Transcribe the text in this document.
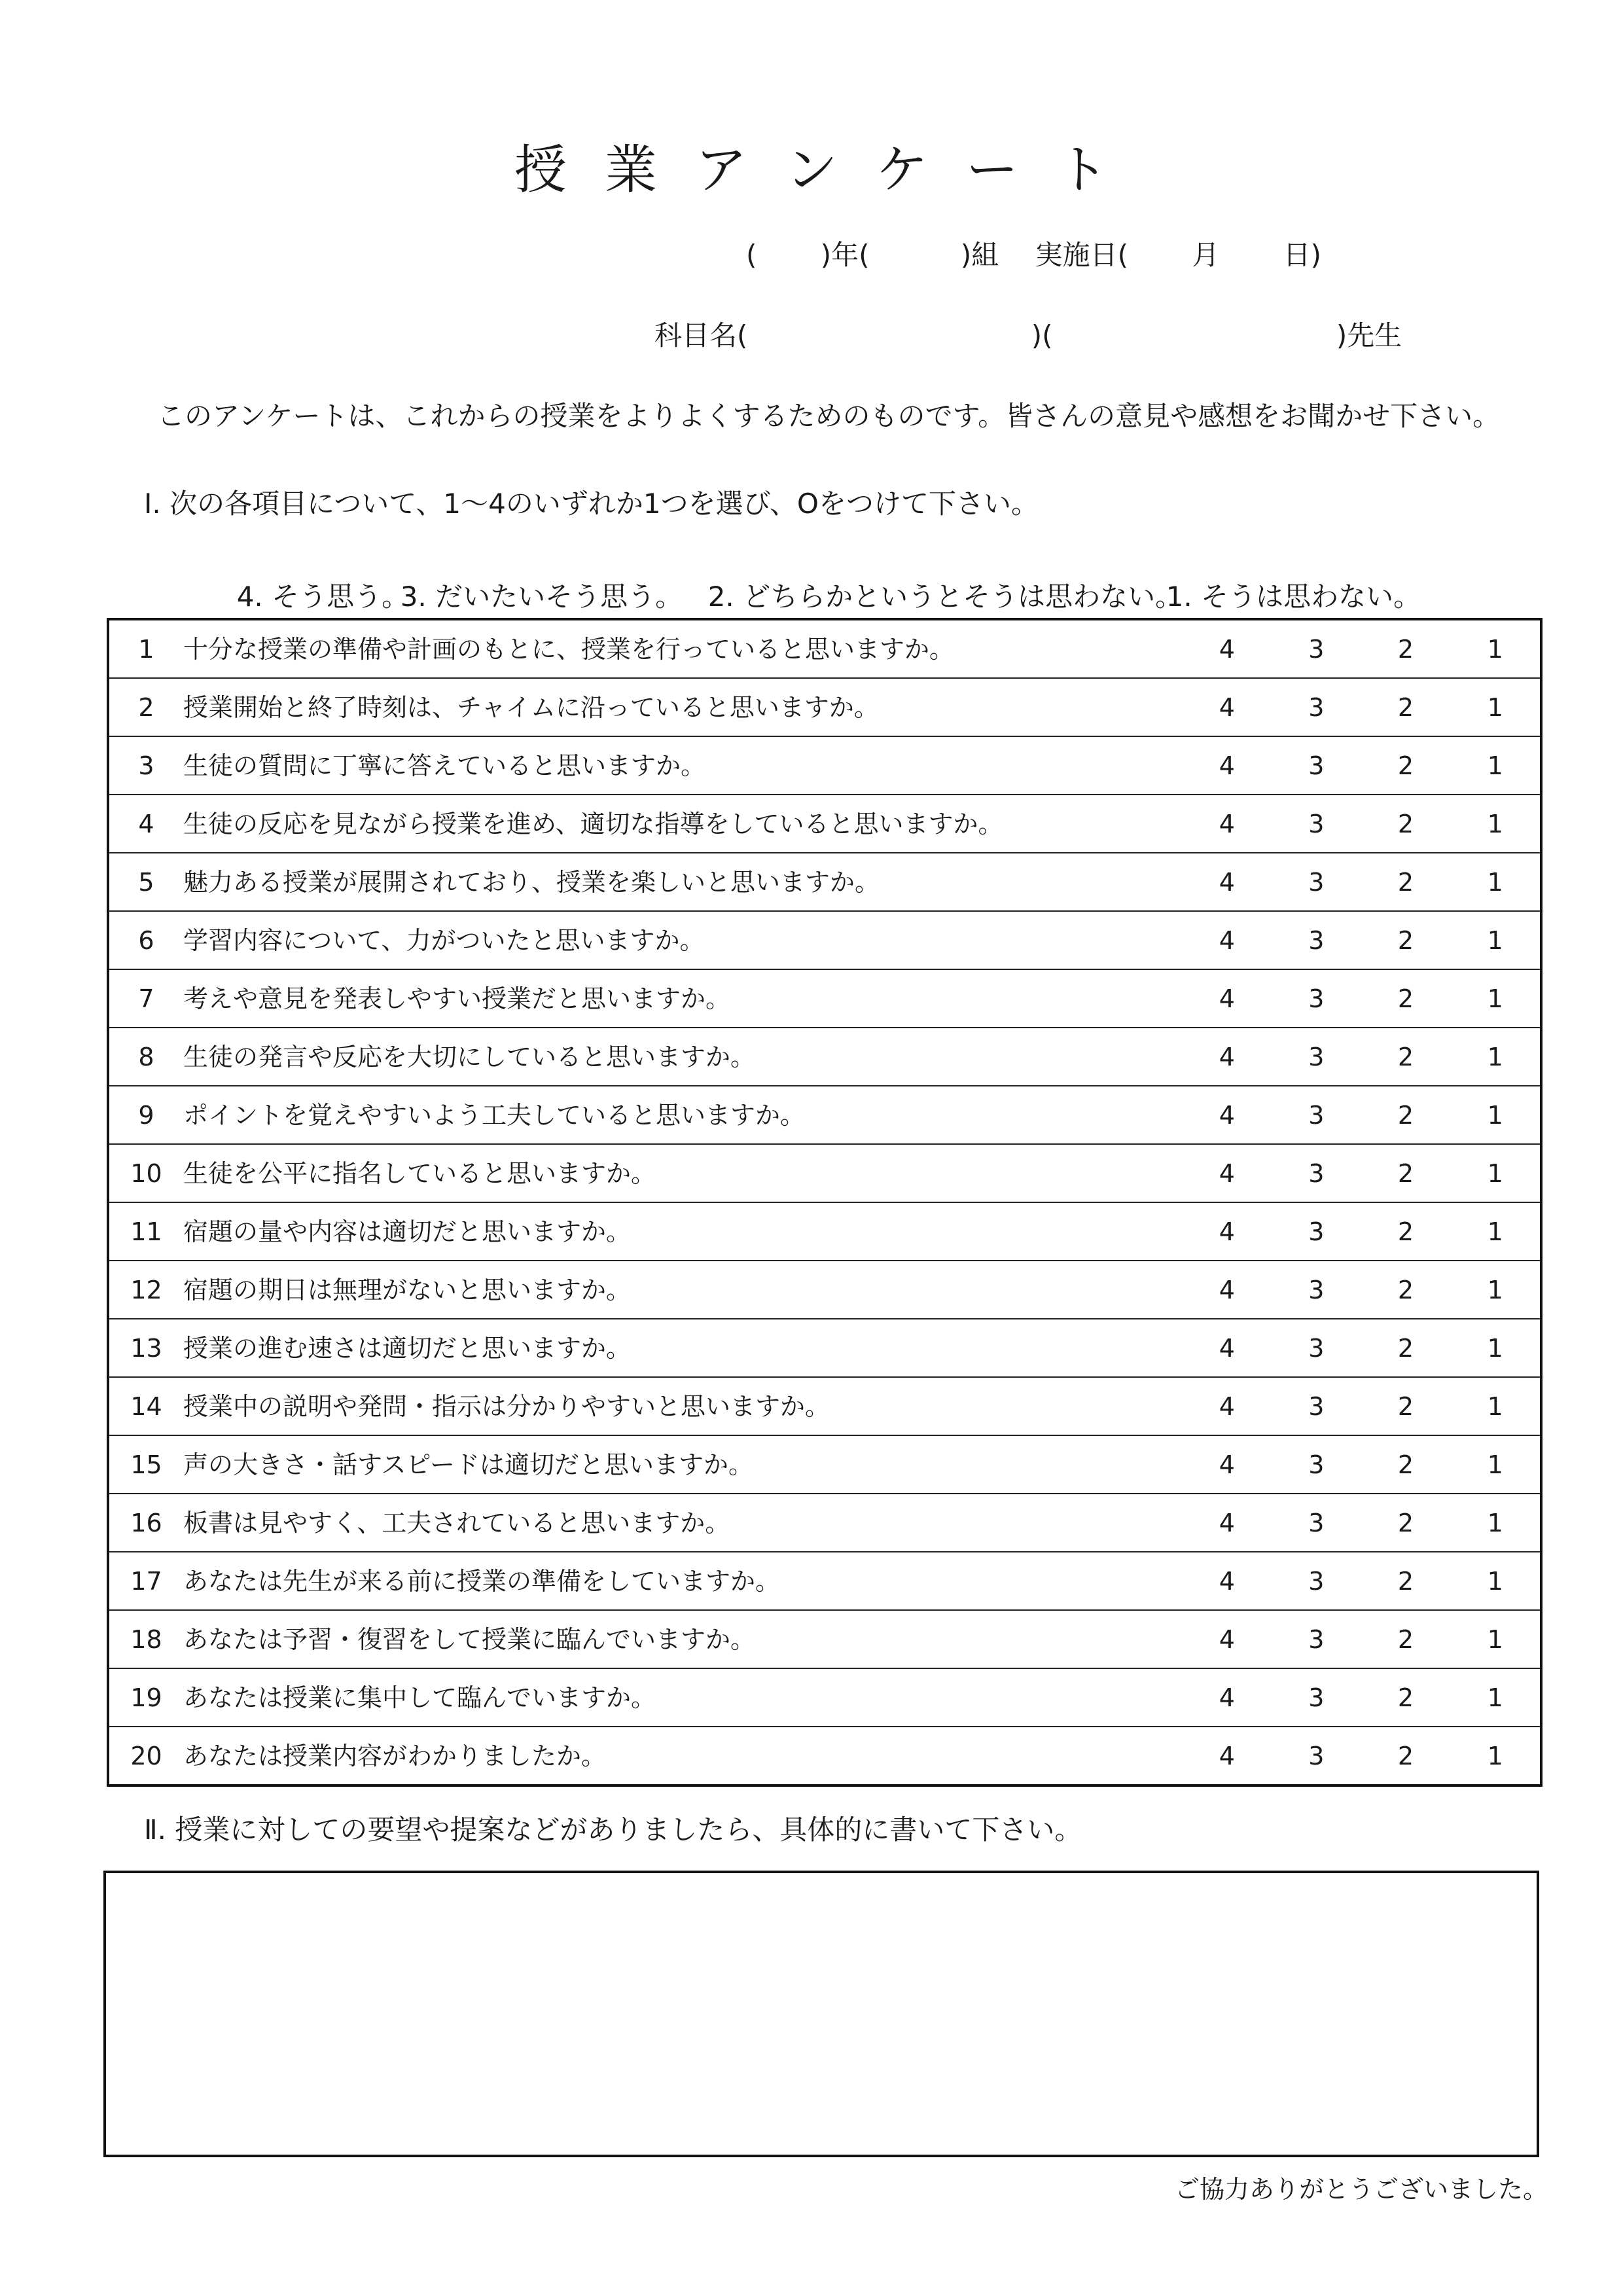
授業アンケート
(　　 )年(　　　 )組　 実施日(　　 月　　 日)
科目名(　　　　　　　　　　 )(　　　　　　　　　　 )先生
このアンケートは、これからの授業をよりよくするためのものです。皆さんの意見や感想をお聞かせ下さい。
Ⅰ. 次の各項目について、1～4のいずれか1つを選び、Oをつけて下さい。

4. そう思う。3. だいたいそう思う。 2. どちらかというとそうは思わない。1. そうは思わない。

1	十分な授業の準備や計画のもとに、授業を行っていると思いますか。	4	3	2	1	
2	授業開始と終了時刻は、チャイムに沿っていると思いますか。	4	3	2	1	
3	生徒の質問に丁寧に答えていると思いますか。	4	3	2	1	
4	生徒の反応を見ながら授業を進め、適切な指導をしていると思いますか。	4	3	2	1	
5	魅力ある授業が展開されており、授業を楽しいと思いますか。	4	3	2	1	
6	学習内容について、力がついたと思いますか。	4	3	2	1	
7	考えや意見を発表しやすい授業だと思いますか。	4	3	2	1	
8	生徒の発言や反応を大切にしていると思いますか。	4	3	2	1	
9	ポイントを覚えやすいよう工夫していると思いますか。	4	3	2	1	
10	生徒を公平に指名していると思いますか。	4	3	2	1	
11	宿題の量や内容は適切だと思いますか。	4	3	2	1	
12	宿題の期日は無理がないと思いますか。	4	3	2	1	
13	授業の進む速さは適切だと思いますか。	4	3	2	1	
14	授業中の説明や発問・指示は分かりやすいと思いますか。	4	3	2	1	
15	声の大きさ・話すスピードは適切だと思いますか。	4	3	2	1	
16	板書は見やすく、工夫されていると思いますか。	4	3	2	1	
17	あなたは先生が来る前に授業の準備をしていますか。	4	3	2	1	
18	あなたは予習・復習をして授業に臨んでいますか。	4	3	2	1	
19	あなたは授業に集中して臨んでいますか。	4	3	2	1	
20	あなたは授業内容がわかりましたか。	4	3	2	1	
Ⅱ. 授業に対しての要望や提案などがありましたら、具体的に書いて下さい。
ご協力ありがとうございました。
